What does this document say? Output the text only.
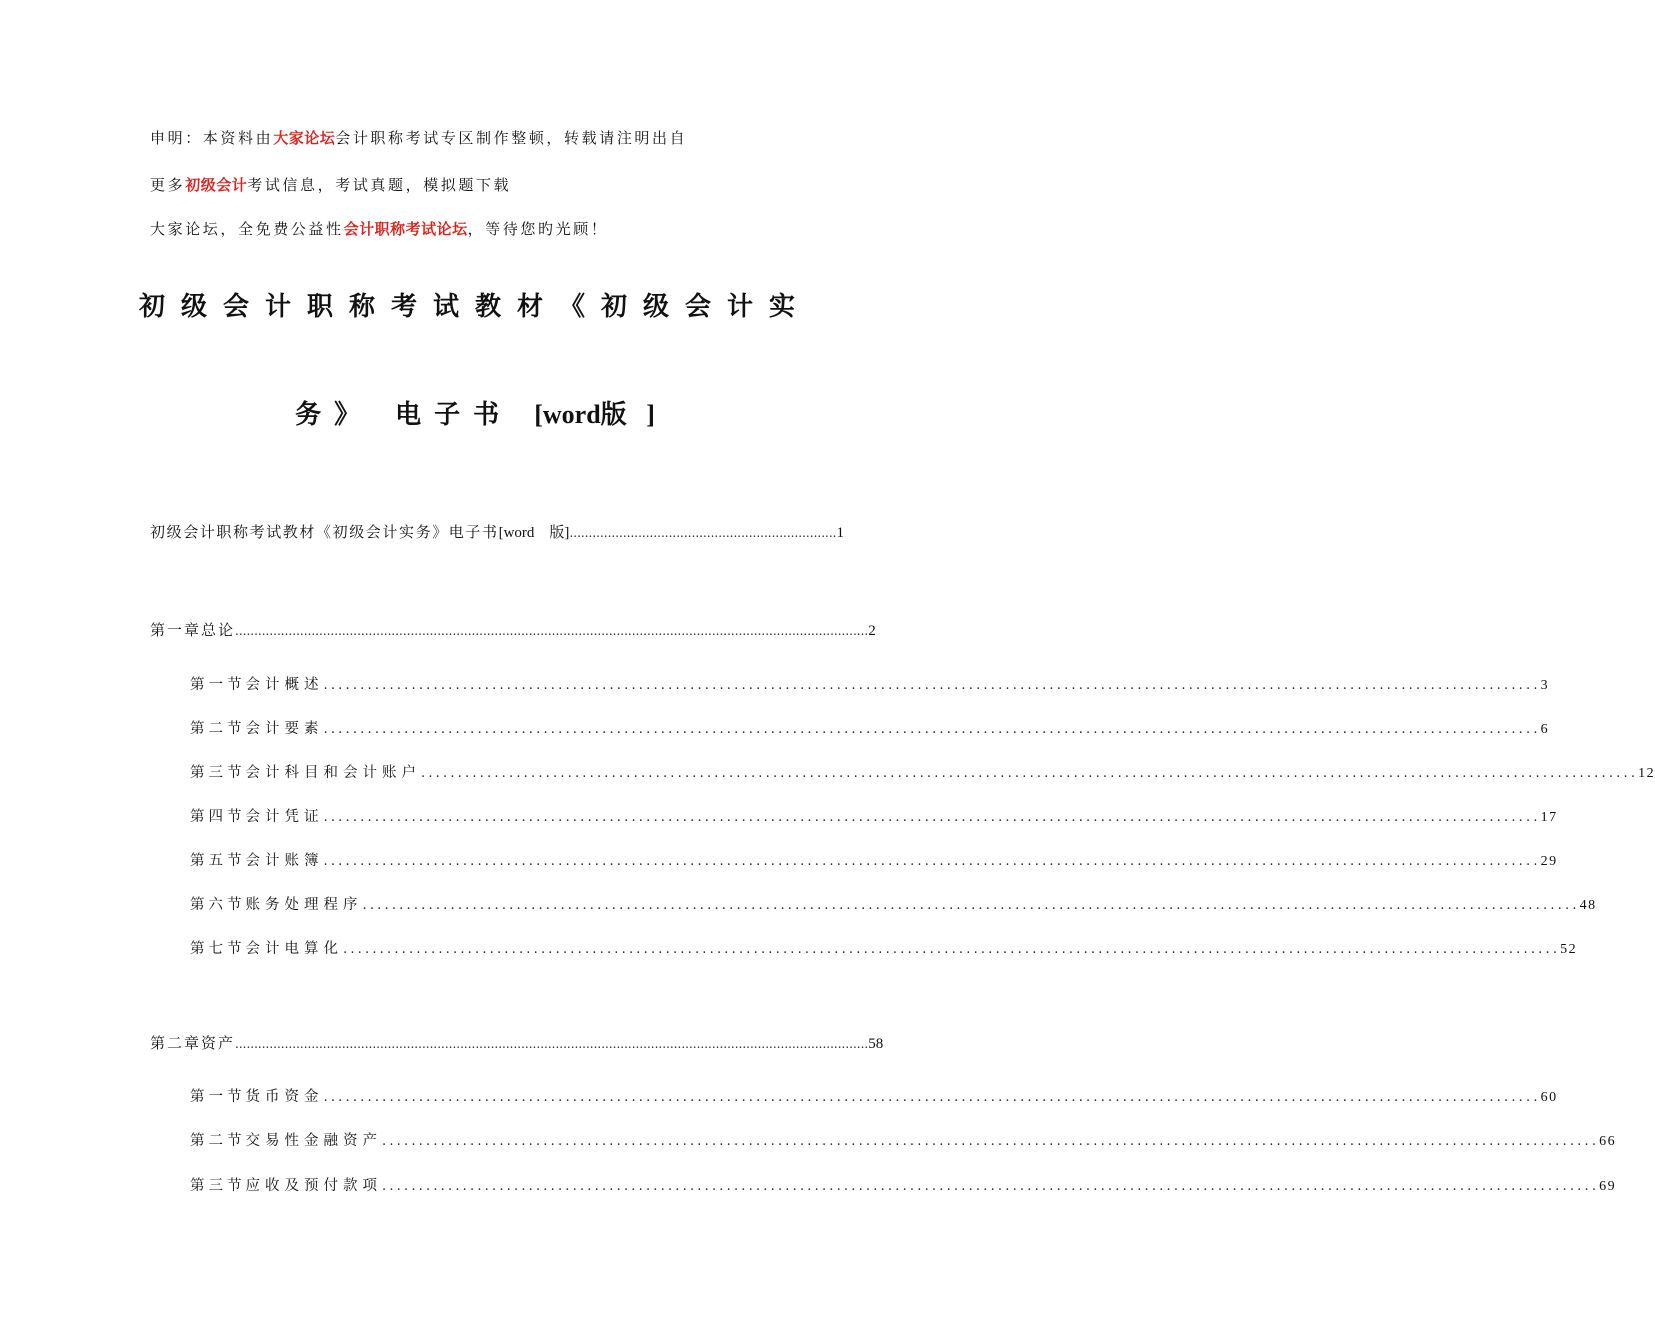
申明：本资料由大家论坛会计职称考试专区制作整顿，转载请注明出自
更多初级会计考试信息，考试真题，模拟题下载
大家论坛，全免费公益性会计职称考试论坛，等待您旳光顾！
初级会计职称考试教材《初级会计实
务》 电子书 [word版 ]
初级会计职称考试教材《初级会计实务》电子书 [word　版] ...................................................................... 1
第一章 总论 ...................................................................................................................................................................... 2
第一节 会计概述 ...................................................................................................................................................................... 3
第二节 会计要素 ...................................................................................................................................................................... 6
第三节 会计科目和会计账户 ...................................................................................................................................................................... 12
第四节 会计凭证 ...................................................................................................................................................................... 17
第五节 会计账簿 ...................................................................................................................................................................... 29
第六节 账务处理程序 ...................................................................................................................................................................... 48
第七节 会计电算化 ...................................................................................................................................................................... 52
第二章 资产 ...................................................................................................................................................................... 58
第一节 货币资金 ...................................................................................................................................................................... 60
第二节 交易性金融资产 ...................................................................................................................................................................... 66
第三节 应收及预付款项 ...................................................................................................................................................................... 69
